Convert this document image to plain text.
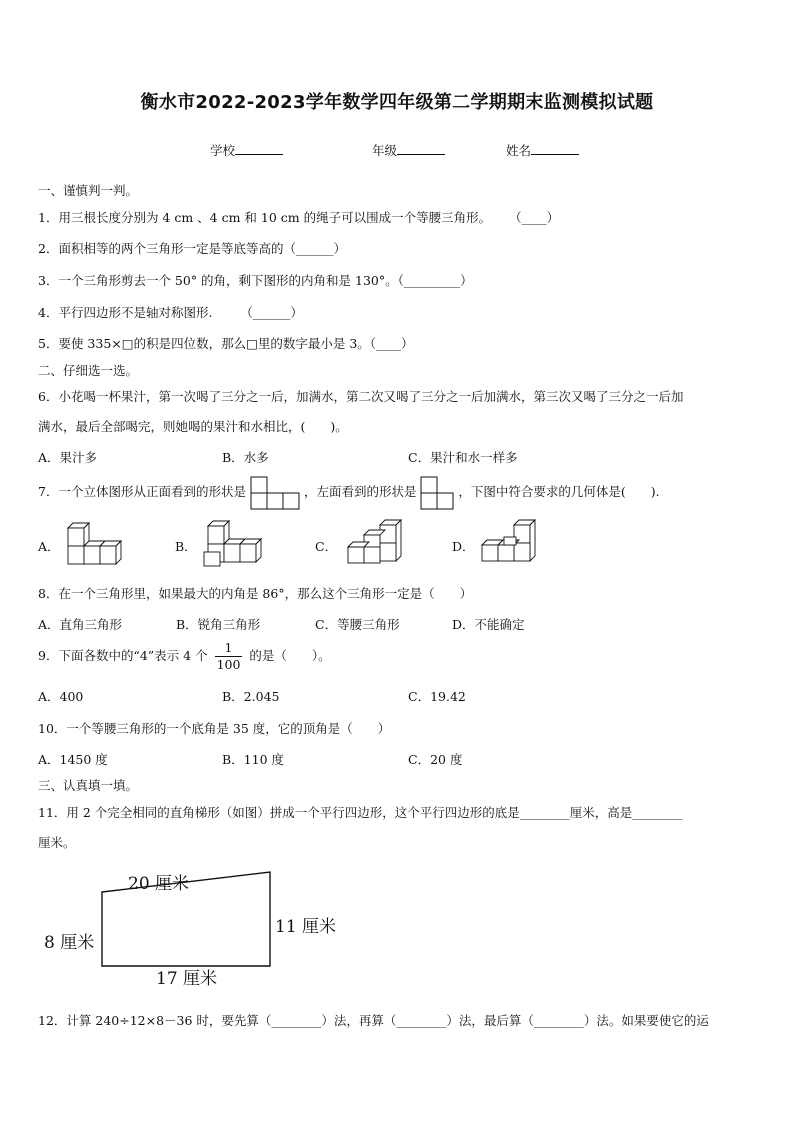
衡水市2022-2023学年数学四年级第二学期期末监测模拟试题
学校	年级	姓名
一、谨慎判一判。
1．用三根长度分别为 4 cm 、4 cm 和 10 cm 的绳子可以围成一个等腰三角形。 （____）
2．面积相等的两个三角形一定是等底等高的（______）
3．一个三角形剪去一个 50° 的角，剩下图形的内角和是 130°。（_________）
4．平行四边形不是轴对称图形. （______）
5．要使 335×□的积是四位数，那么□里的数字最小是 3。（____）
二、仔细选一选。
6．小花喝一杯果汁，第一次喝了三分之一后，加满水，第二次又喝了三分之一后加满水，第三次又喝了三分之一后加
满水，最后全部喝完，则她喝的果汁和水相比，(　　)。
A．果汁多	B．水多	C．果汁和水一样多
7．一个立体图形从正面看到的形状是	，左面看到的形状是	，下图中符合要求的几何体是(　　).
A．	B．	C．	D．
8．在一个三角形里，如果最大的内角是 86°，那么这个三角形一定是（　　）
A．直角三角形	B．锐角三角形	C．等腰三角形	D．不能确定
9．下面各数中的“4”表示 4 个 $\frac{1}{100}$ 的是（　　）。
A．400	B．2.045	C．19.42
10．一个等腰三角形的一个底角是 35 度，它的顶角是（　　）
A．1450 度	B．110 度	C．20 度
三、认真填一填。
11．用 2 个完全相同的直角梯形（如图）拼成一个平行四边形，这个平行四边形的底是________厘米，高是________
厘米。
20 厘米
8 厘米
11 厘米
17 厘米
12．计算 240÷12×8－36 时，要先算（________）法，再算（________）法，最后算（________）法。如果要使它的运
